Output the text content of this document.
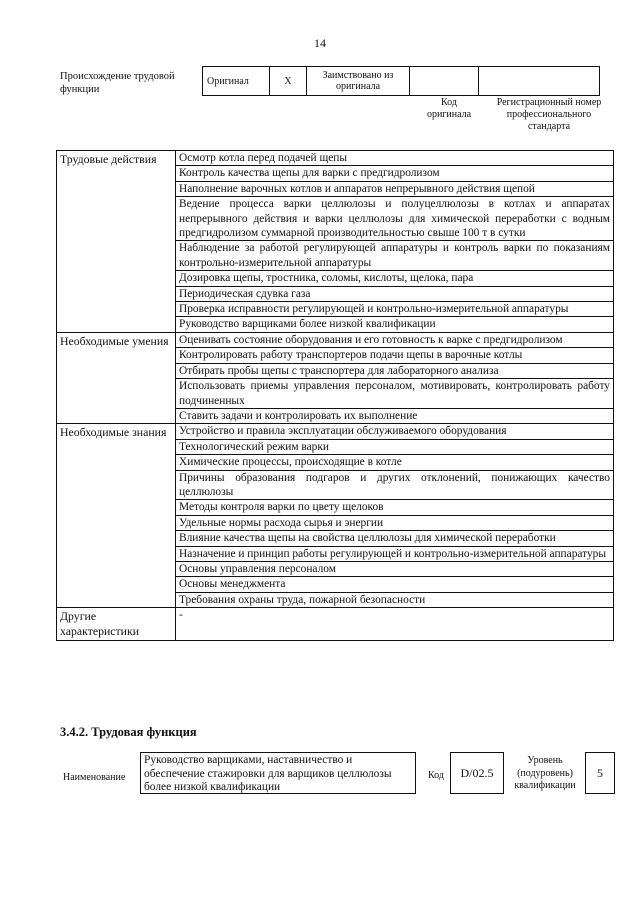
14
Происхождение трудовой функции
Оригинал	X	Заимствовано из оригинала		
Код оригинала
Регистрационный номер профессионального стандарта
Трудовые действия	Осмотр котла перед подачей щепы
	Контроль качества щепы для варки с предгидролизом
	Наполнение варочных котлов и аппаратов непрерывного действия щепой
	Ведение процесса варки целлюлозы и полуцеллюлозы в котлах и аппаратах непрерывного действия и варки целлюлозы для химической переработки с водным предгидролизом суммарной производительностью свыше 100 т в сутки
	Наблюдение за работой регулирующей аппаратуры и контроль варки по показаниям контрольно-измерительной аппаратуры
	Дозировка щепы, тростника, соломы, кислоты, щелока, пара
	Периодическая сдувка газа
	Проверка исправности регулирующей и контрольно-измерительной аппаратуры
	Руководство варщиками более низкой квалификации
Необходимые умения	Оценивать состояние оборудования и его готовность к варке с предгидролизом
	Контролировать работу транспортеров подачи щепы в варочные котлы
	Отбирать пробы щепы с транспортера для лабораторного анализа
	Использовать приемы управления персоналом, мотивировать, контролировать работу подчиненных
	Ставить задачи и контролировать их выполнение
Необходимые знания	Устройство и правила эксплуатации обслуживаемого оборудования
	Технологический режим варки
	Химические процессы, происходящие в котле
	Причины образования подгаров и других отклонений, понижающих качество целлюлозы
	Методы контроля варки по цвету щелоков
	Удельные нормы расхода сырья и энергии
	Влияние качества щепы на свойства целлюлозы для химической переработки
	Назначение и принцип работы регулирующей и контрольно-измерительной аппаратуры
	Основы управления персоналом
	Основы менеджмента
	Требования охраны труда, пожарной безопасности
Другие характеристики	-
3.4.2. Трудовая функция
Наименование
Руководство варщиками, наставничество и обеспечение стажировки для варщиков целлюлозы более низкой квалификации
Код	D/02.5
Уровень (подуровень) квалификации
5
